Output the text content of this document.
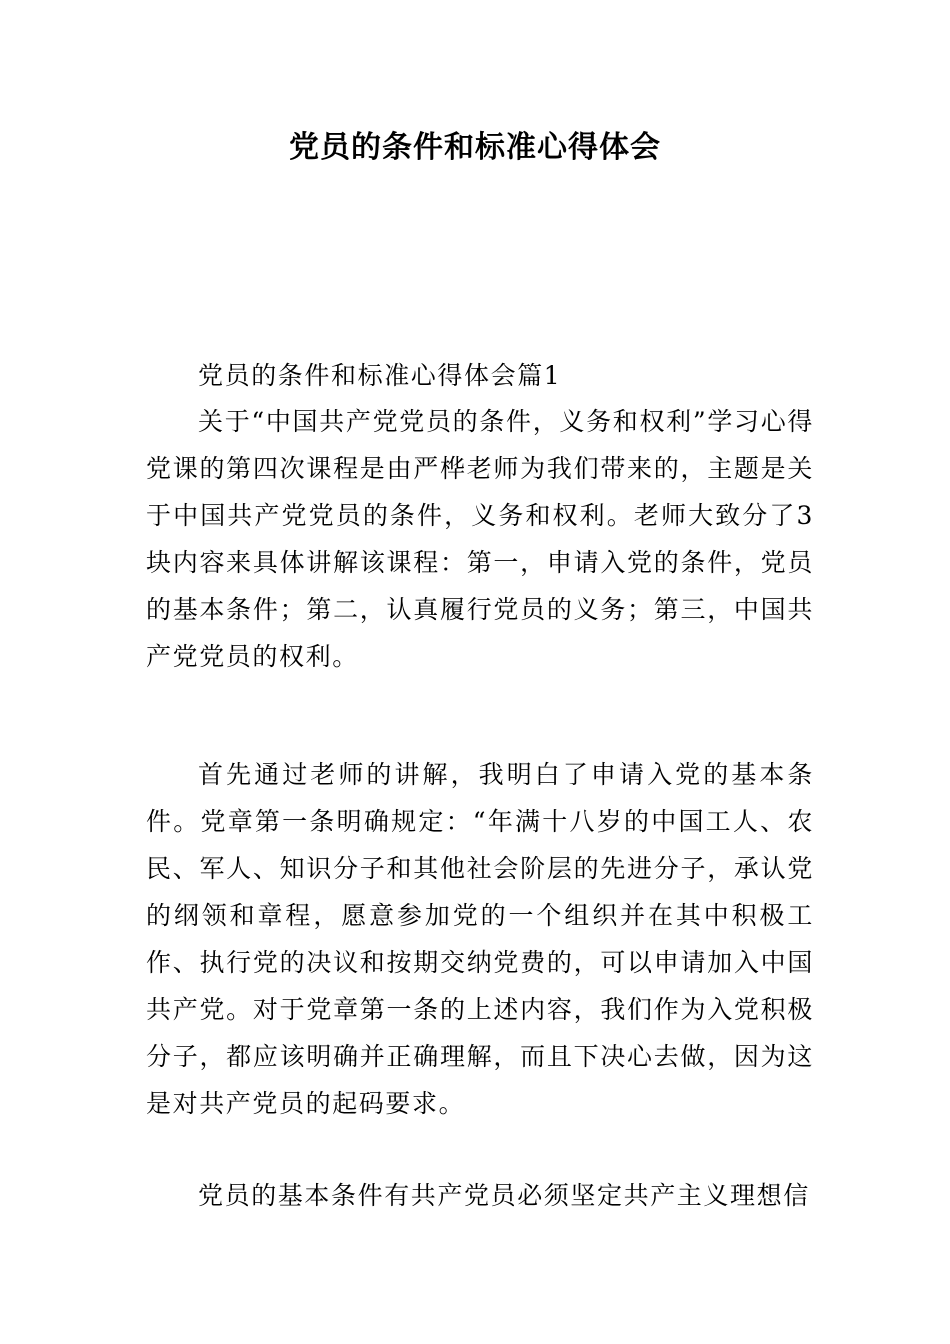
党员的条件和标准心得体会

党员的条件和标准心得体会篇1

关于“中国共产党党员的条件，义务和权利”学习心得党课的第四次课程是由严桦老师为我们带来的，主题是关于中国共产党党员的条件，义务和权利。老师大致分了3块内容来具体讲解该课程：第一，申请入党的条件，党员的基本条件；第二，认真履行党员的义务；第三，中国共产党党员的权利。

首先通过老师的讲解，我明白了申请入党的基本条件。党章第一条明确规定：“年满十八岁的中国工人、农民、军人、知识分子和其他社会阶层的先进分子，承认党的纲领和章程，愿意参加党的一个组织并在其中积极工作、执行党的决议和按期交纳党费的，可以申请加入中国共产党。对于党章第一条的上述内容，我们作为入党积极分子，都应该明确并正确理解，而且下决心去做，因为这是对共产党员的起码要求。

党员的基本条件有共产党员必须坚定共产主义理想信
